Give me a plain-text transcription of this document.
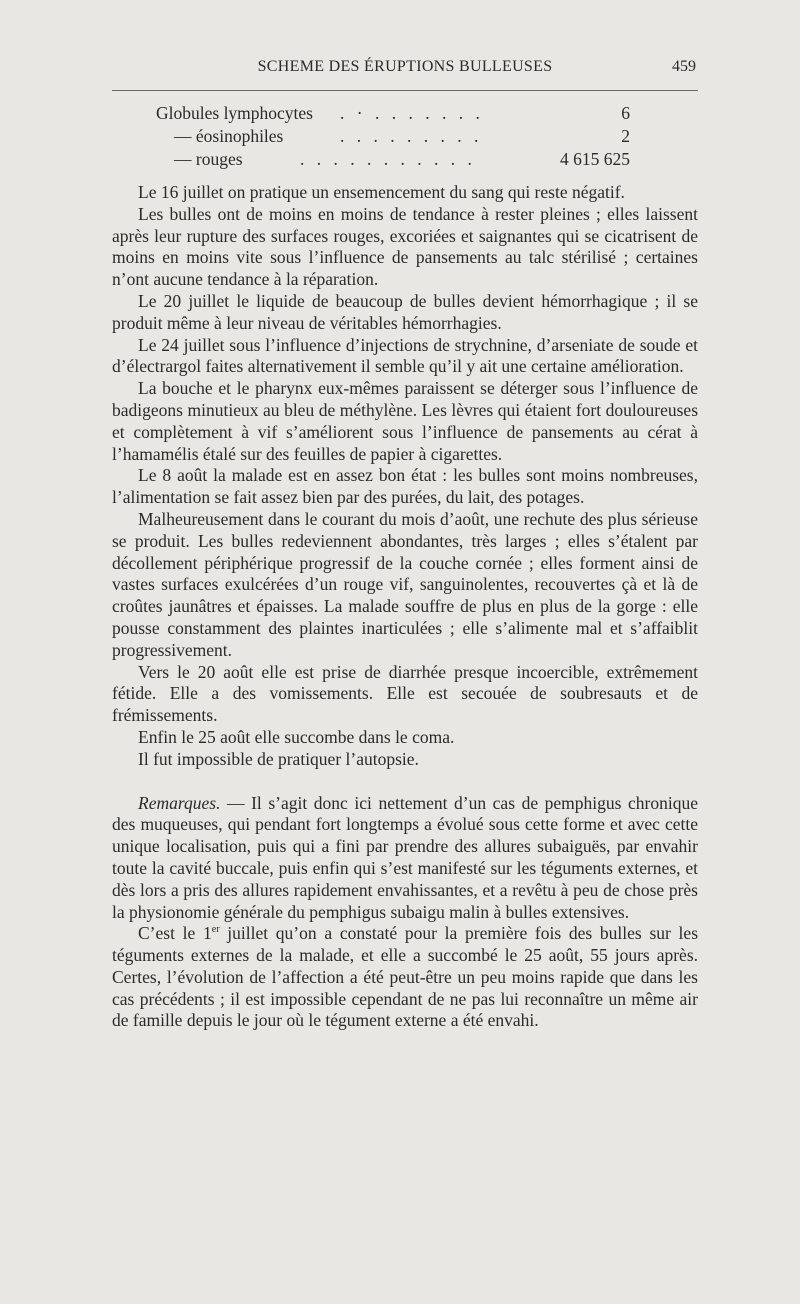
SCHEME DES ÉRUPTIONS BULLEUSES	459
Globules lymphocytes . · . . . . . . .	6
— éosinophiles	. . . . . . . . .	2
— rouges	. . . . . . . . . . .	4 615 625

Le 16 juillet on pratique un ensemencement du sang qui reste négatif.

Les bulles ont de moins en moins de tendance à rester pleines ; elles laissent après leur rupture des surfaces rouges, excoriées et saignantes qui se cicatrisent de moins en moins vite sous l’influence de pansements au talc stérilisé ; certaines n’ont aucune tendance à la réparation.

Le 20 juillet le liquide de beaucoup de bulles devient hémorrhagique ; il se produit même à leur niveau de véritables hémorrhagies.

Le 24 juillet sous l’influence d’injections de strychnine, d’arseniate de soude et d’électrargol faites alternativement il semble qu’il y ait une certaine amélioration.

La bouche et le pharynx eux-mêmes paraissent se déterger sous l’influence de badigeons minutieux au bleu de méthylène. Les lèvres qui étaient fort douloureuses et complètement à vif s’améliorent sous l’influence de pansements au cérat à l’hamamélis étalé sur des feuilles de papier à cigarettes.

Le 8 août la malade est en assez bon état : les bulles sont moins nombreuses, l’alimentation se fait assez bien par des purées, du lait, des potages.

Malheureusement dans le courant du mois d’août, une rechute des plus sérieuse se produit. Les bulles redeviennent abondantes, très larges ; elles s’étalent par décollement périphérique progressif de la couche cornée ; elles forment ainsi de vastes surfaces exulcérées d’un rouge vif, sanguinolentes, recouvertes çà et là de croûtes jaunâtres et épaisses. La malade souffre de plus en plus de la gorge : elle pousse constamment des plaintes inarticulées ; elle s’alimente mal et s’affaiblit progressivement.

Vers le 20 août elle est prise de diarrhée presque incoercible, extrêmement fétide. Elle a des vomissements. Elle est secouée de soubresauts et de frémissements.

Enfin le 25 août elle succombe dans le coma.

Il fut impossible de pratiquer l’autopsie.

Remarques. — Il s’agit donc ici nettement d’un cas de pemphigus chronique des muqueuses, qui pendant fort longtemps a évolué sous cette forme et avec cette unique localisation, puis qui a fini par prendre des allures subaiguës, par envahir toute la cavité buccale, puis enfin qui s’est manifesté sur les téguments externes, et dès lors a pris des allures rapidement envahissantes, et a revêtu à peu de chose près la physionomie générale du pemphigus subaigu malin à bulles extensives.

C’est le 1er juillet qu’on a constaté pour la première fois des bulles sur les téguments externes de la malade, et elle a succombé le 25 août, 55 jours après. Certes, l’évolution de l’affection a été peut-être un peu moins rapide que dans les cas précédents ; il est impossible cependant de ne pas lui reconnaître un même air de famille depuis le jour où le tégument externe a été envahi.
